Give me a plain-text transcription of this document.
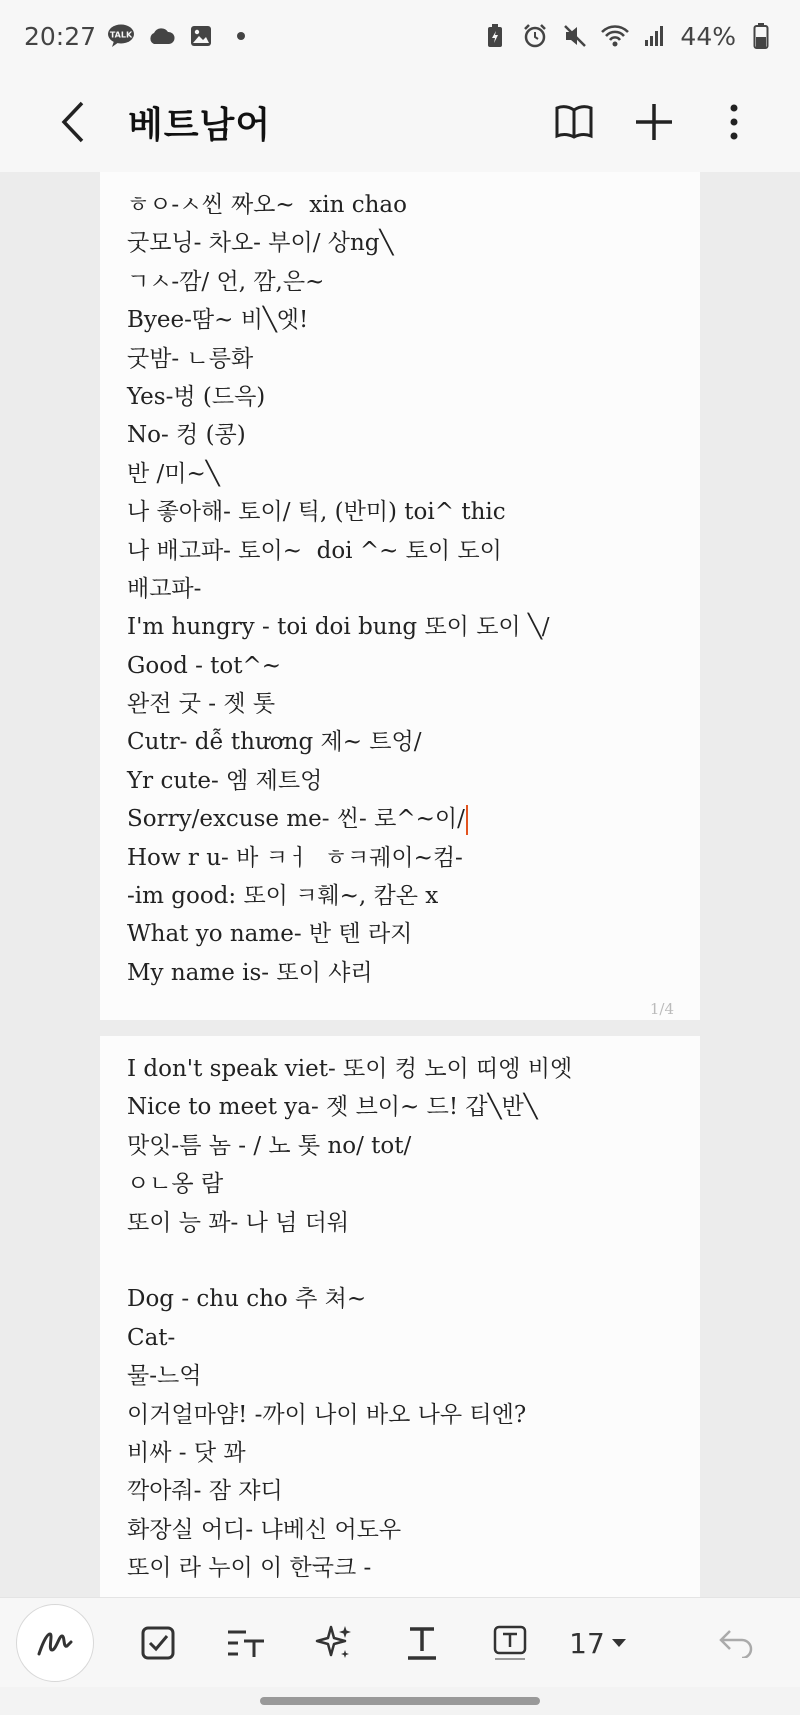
20:27 TALK	44%
베트남어
ㅎㅇ-ㅅ씬 짜오~  xin chao
굿모닝- 차오- 부이/ 상ng╲
ㄱㅅ-깜/ 언, 깜,은~
Byee-땀~ 비╲엣!
굿밤- ㄴ릉화
Yes-벙 (드윽)
No- 컹 (콩)
반 /미~╲
나 좋아해- 토이/ 틱, (반미) toi^ thic
나 배고파- 토이~  doi ^~ 토이 도이
배고파-
I'm hungry - toi doi bung 또이 도이 ╲/
Good - tot^~
완전 굿 - 젯 톳
Cutr- dễ thương 제~ 트엉/
Yr cute- 엠 제트엉
Sorry/excuse me- 씬- 로^~이/
How r u- 바 ㅋㅓ  ㅎㅋ궤이~컴-
-im good: 또이 ㅋ훼~, 캄온 x
What yo name- 반 텐 라지
My name is- 또이 샤리
1/4
I don't speak viet- 또이 컹 노이 띠엥 비엣
Nice to meet ya- 젯 브이~ 드! 갑╲반╲
맛잇-틈 놈 - / 노 톳 no/ tot/
ㅇㄴ옹 람
또이 능 꽈- 나 넘 더워
Dog - chu cho 추 쳐~
Cat-
물-느억
이거얼마얌! -까이 나이 바오 나우 티엔?
비싸 - 닷 꽈
깍아줘- 잠 쟈디
화장실 어디- 냐베신 어도우
또이 라 누이 이 한국크 -
17
